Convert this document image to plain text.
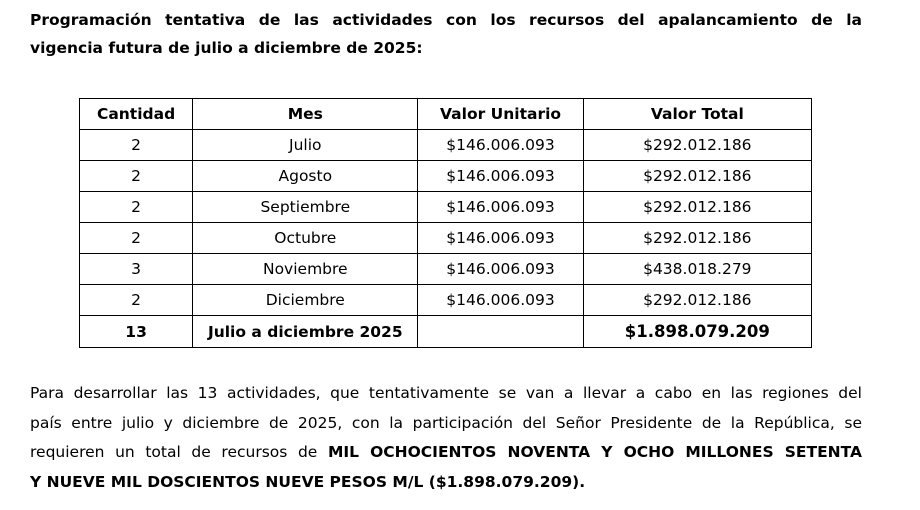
Programación tentativa de las actividades con los recursos del apalancamiento de la
vigencia futura de julio a diciembre de 2025:
Cantidad	Mes	Valor Unitario	Valor Total
2	Julio	$146.006.093	$292.012.186
2	Agosto	$146.006.093	$292.012.186
2	Septiembre	$146.006.093	$292.012.186
2	Octubre	$146.006.093	$292.012.186
3	Noviembre	$146.006.093	$438.018.279
2	Diciembre	$146.006.093	$292.012.186
13	Julio a diciembre 2025		$1.898.079.209
Para desarrollar las 13 actividades, que tentativamente se van a llevar a cabo en las regiones del
país entre julio y diciembre de 2025, con la participación del Señor Presidente de la República, se
requieren un total de recursos de MIL OCHOCIENTOS NOVENTA Y OCHO MILLONES SETENTA
Y NUEVE MIL DOSCIENTOS NUEVE PESOS M/L ($1.898.079.209).
